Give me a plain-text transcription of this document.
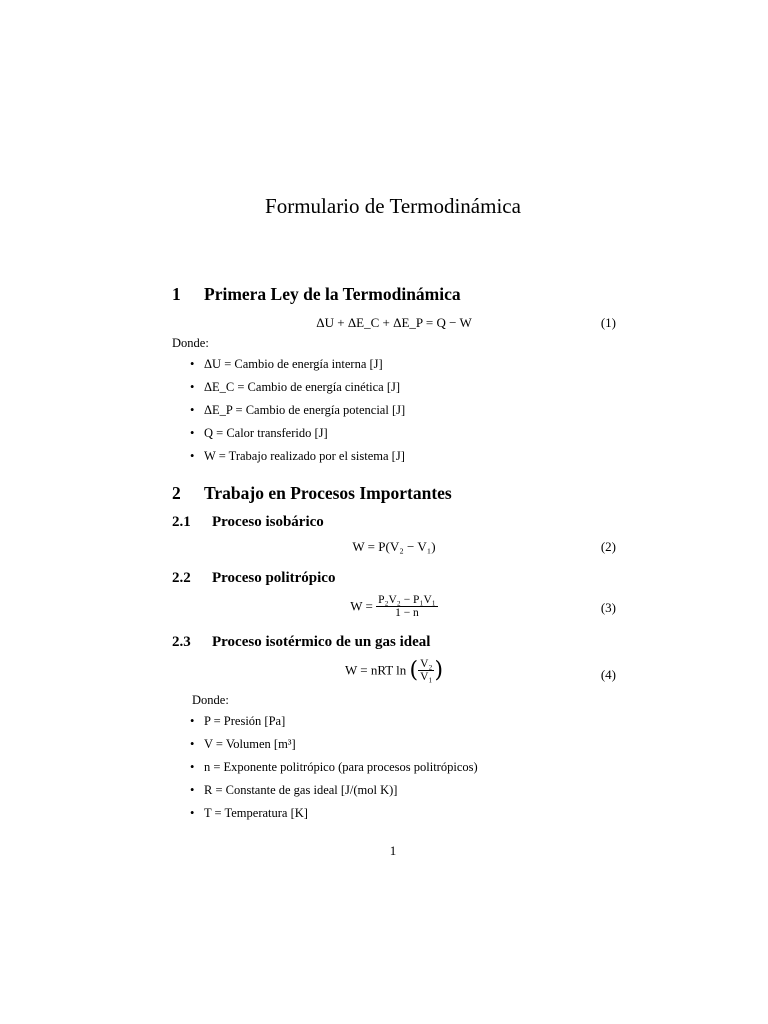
Formulario de Termodinámica
1 Primera Ley de la Termodinámica
ΔU + ΔE_C + ΔE_P = Q − W	(1)
Donde:
• ΔU = Cambio de energía interna [J]
• ΔE_C = Cambio de energía cinética [J]
• ΔE_P = Cambio de energía potencial [J]
• Q = Calor transferido [J]
• W = Trabajo realizado por el sistema [J]
2 Trabajo en Procesos Importantes
2.1 Proceso isobárico
W = P(V₂ − V₁)	(2)
2.2 Proceso politrópico
$W = \frac{\text{P₂V₂ − P₁V₁}}{1 - n}$	(3)
2.3 Proceso isotérmico de un gas ideal
W = nRT ln ( $\frac{\text{V₂}}{\text{V₁}}$ )	(4)
Donde:
• P = Presión [Pa]
• V = Volumen [m³]
• n = Exponente politrópico (para procesos politrópicos)
• R = Constante de gas ideal [J/(mol K)]
• T = Temperatura [K]
1
